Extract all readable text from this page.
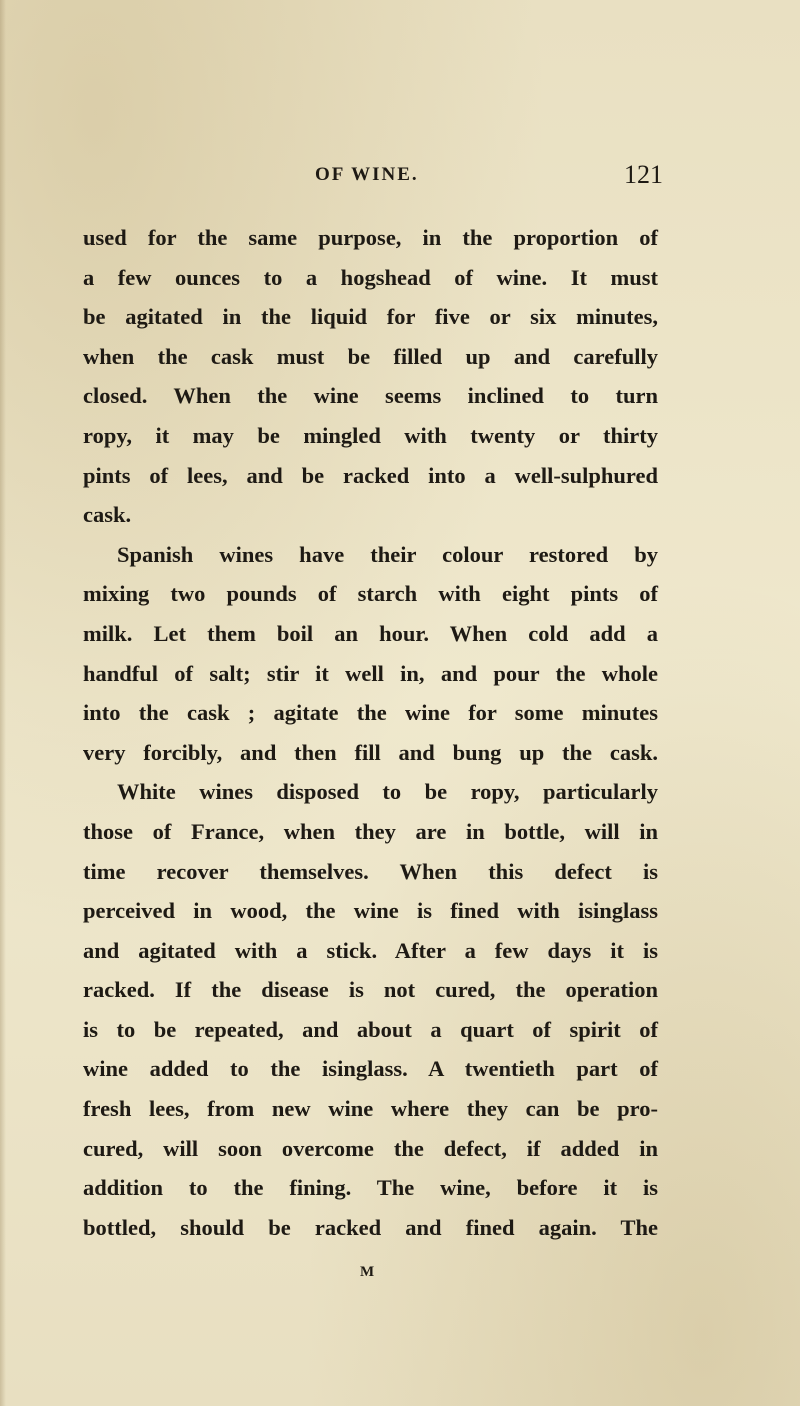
OF WINE.	121
used for the same purpose, in the proportion of
a few ounces to a hogshead of wine. It must
be agitated in the liquid for five or six minutes,
when the cask must be filled up and carefully
closed. When the wine seems inclined to turn
ropy, it may be mingled with twenty or thirty
pints of lees, and be racked into a well-sulphured
cask.
Spanish wines have their colour restored by
mixing two pounds of starch with eight pints of
milk. Let them boil an hour. When cold add a
handful of salt; stir it well in, and pour the whole
into the cask ; agitate the wine for some minutes
very forcibly, and then fill and bung up the cask.
White wines disposed to be ropy, particularly
those of France, when they are in bottle, will in
time recover themselves. When this defect is
perceived in wood, the wine is fined with isinglass
and agitated with a stick. After a few days it is
racked. If the disease is not cured, the operation
is to be repeated, and about a quart of spirit of
wine added to the isinglass. A twentieth part of
fresh lees, from new wine where they can be pro-
cured, will soon overcome the defect, if added in
addition to the fining. The wine, before it is
bottled, should be racked and fined again. The
M
